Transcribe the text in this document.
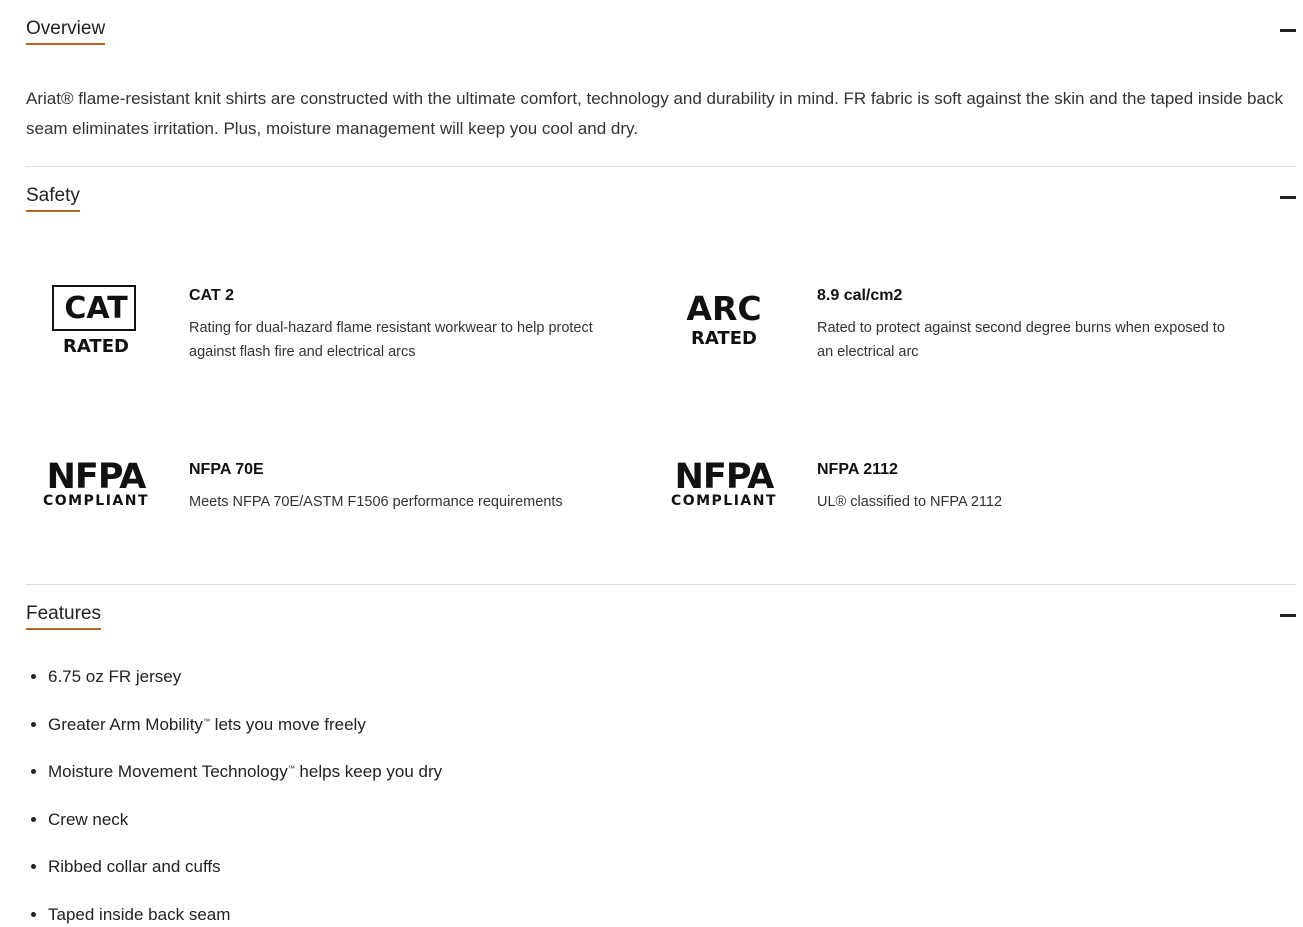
Overview
Ariat® flame-resistant knit shirts are constructed with the ultimate comfort, technology and durability in mind. FR fabric is soft against the skin and the taped inside back seam eliminates irritation. Plus, moisture management will keep you cool and dry.
Safety
CAT
RATED
CAT 2
Rating for dual-hazard flame resistant workwear to help protect against flash fire and electrical arcs
ARC
RATED
8.9 cal/cm2
Rated to protect against second degree burns when exposed to an electrical arc
NFPA
COMPLIANT
NFPA 70E
Meets NFPA 70E/ASTM F1506 performance requirements
NFPA
COMPLIANT
NFPA 2112
UL® classified to NFPA 2112
Features
• 6.75 oz FR jersey
• Greater Arm Mobility™ lets you move freely
• Moisture Movement Technology™ helps keep you dry
• Crew neck
• Ribbed collar and cuffs
• Taped inside back seam
